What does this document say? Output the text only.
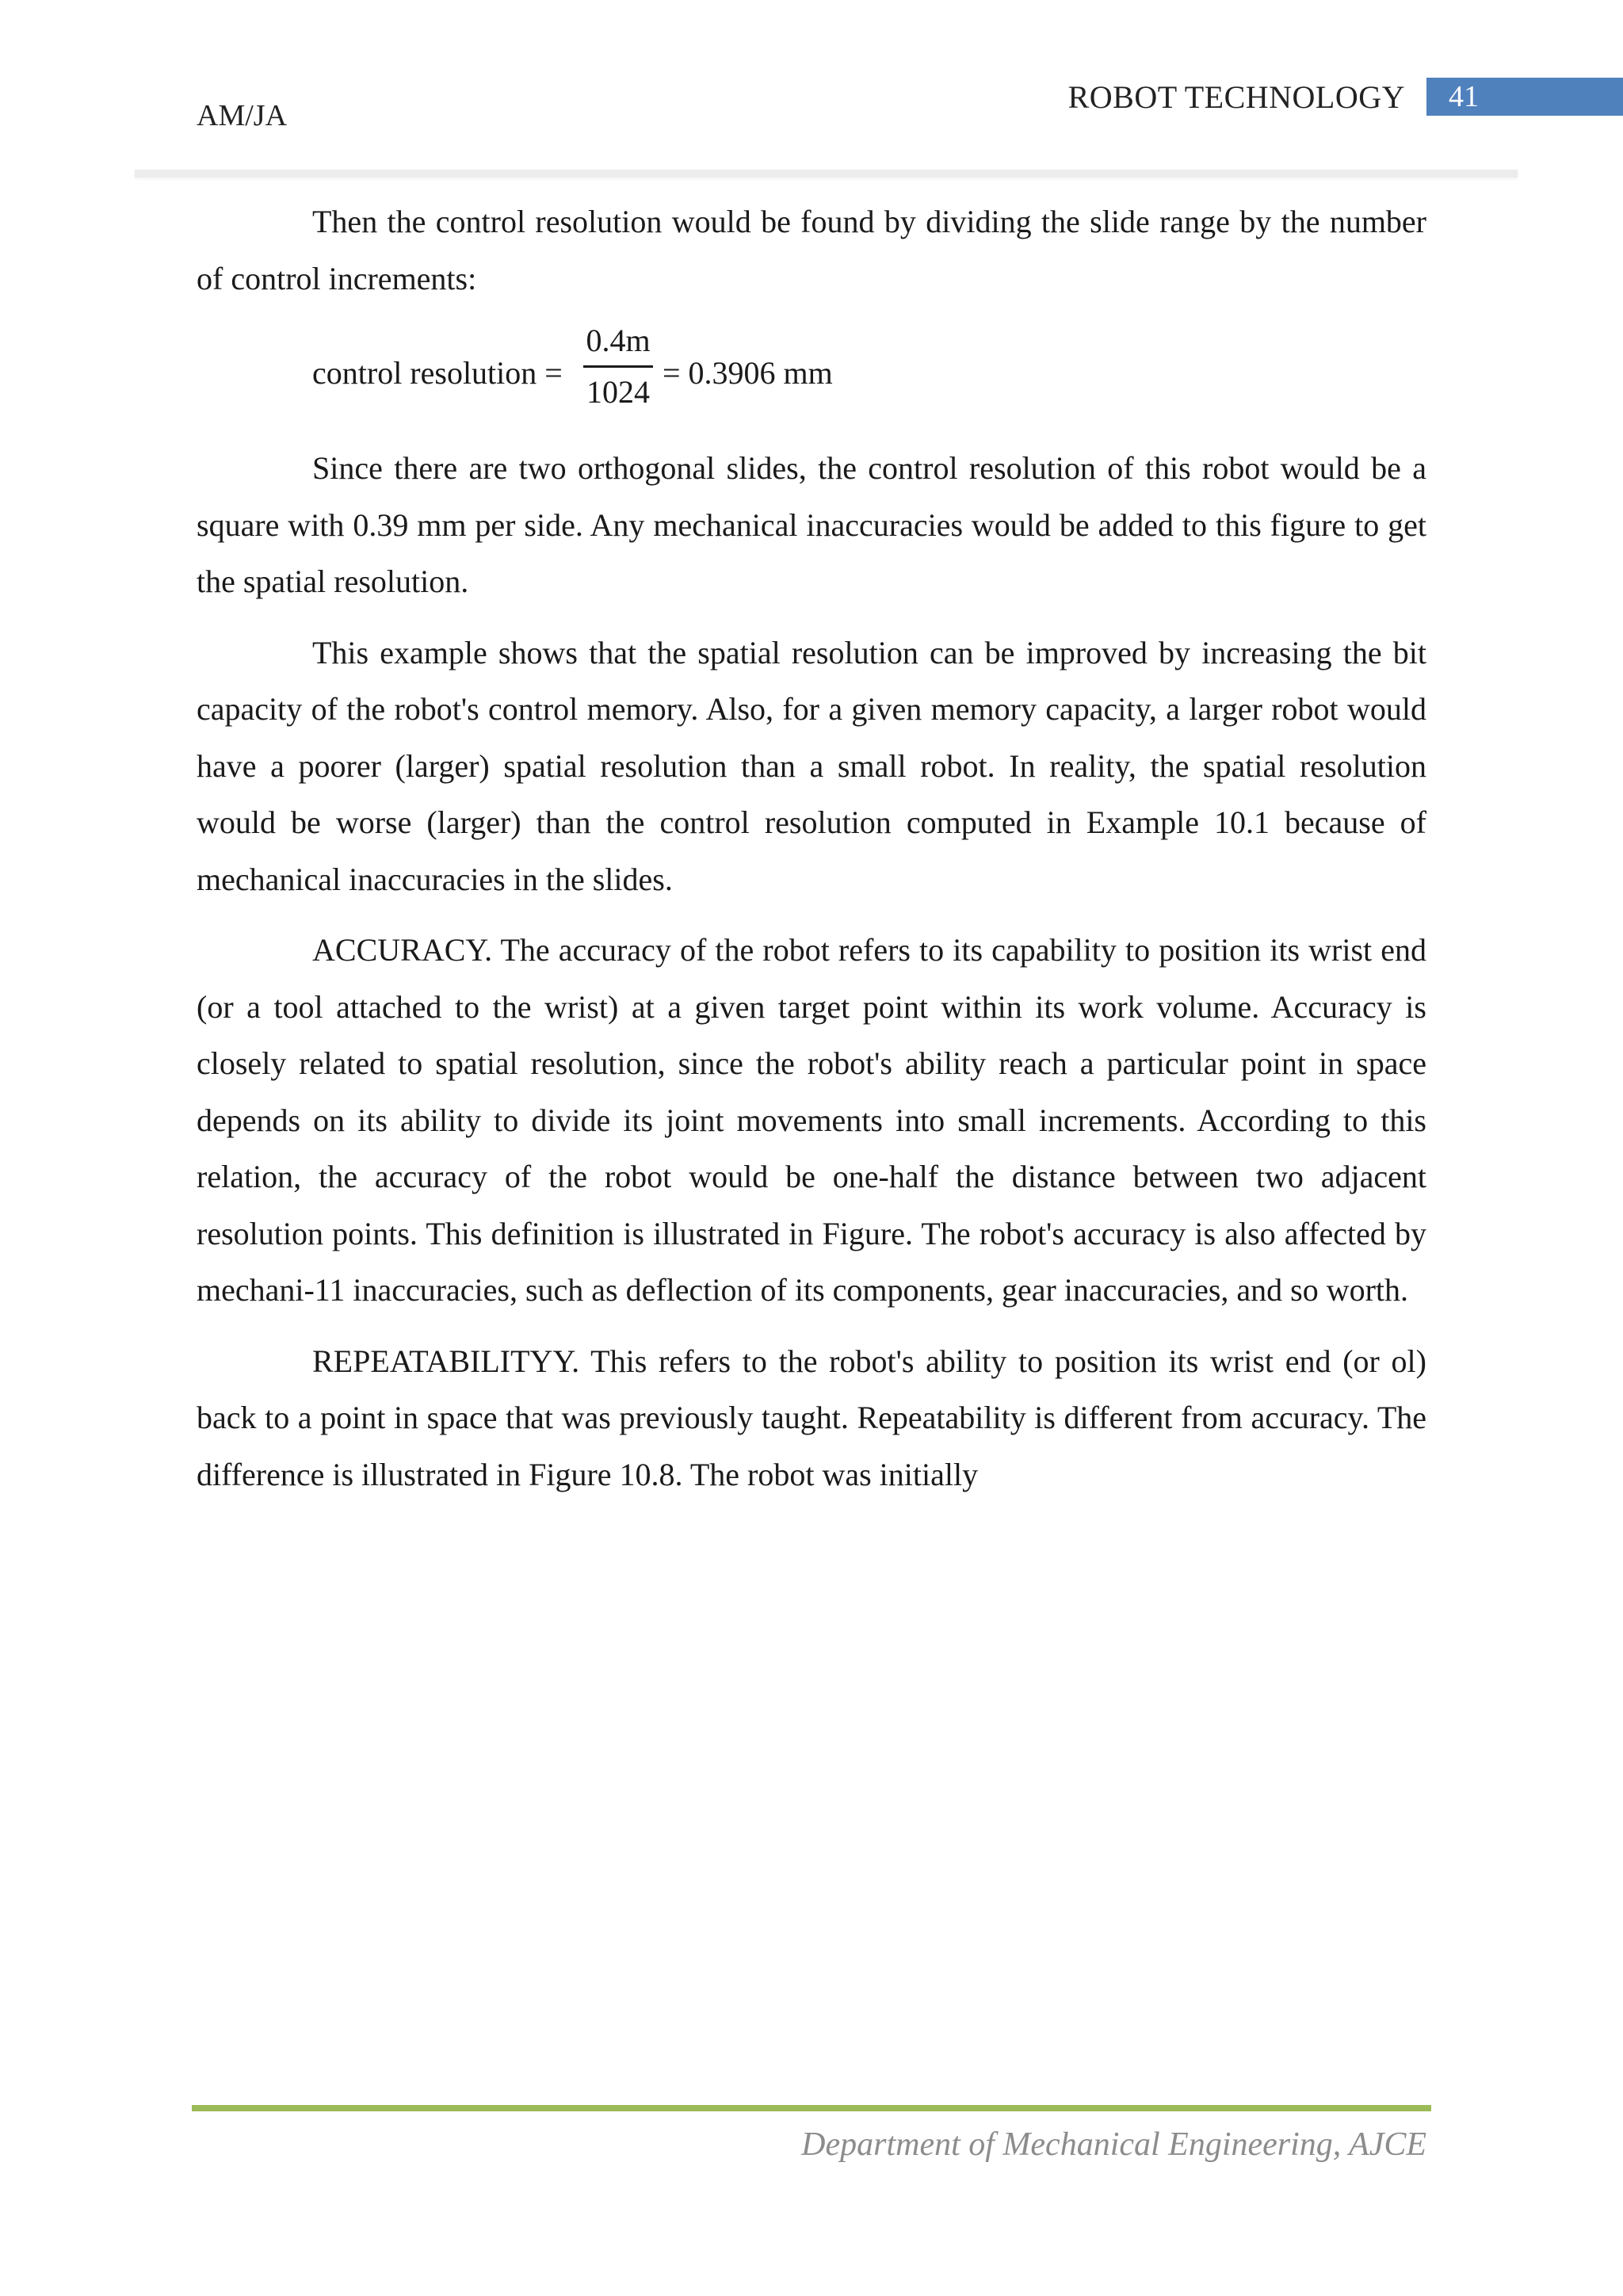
AM/JA
ROBOT TECHNOLOGY 41

Then the control resolution would be found by dividing the slide range by the number of control increments:

control resolution =
0.4m
1024
= 0.3906 mm

Since there are two orthogonal slides, the control resolution of this robot would be a square with 0.39 mm per side. Any mechanical inaccuracies would be added to this figure to get the spatial resolution.

This example shows that the spatial resolution can be improved by increasing the bit capacity of the robot's control memory. Also, for a given memory capacity, a larger robot would have a poorer (larger) spatial resolution than a small robot. In reality, the spatial resolution would be worse (larger) than the control resolution computed in Example 10.1 because of mechanical inaccuracies in the slides.

ACCURACY. The accuracy of the robot refers to its capability to position its wrist end (or a tool attached to the wrist) at a given target point within its work volume. Accuracy is closely related to spatial resolution, since the robot's ability reach a particular point in space depends on its ability to divide its joint movements into small increments. According to this relation, the accuracy of the robot would be one-half the distance between two adjacent resolution points. This definition is illustrated in Figure. The robot's accuracy is also affected by mechani-11 inaccuracies, such as deflection of its components, gear inaccuracies, and so worth.

REPEATABILITYY. This refers to the robot's ability to position its wrist end (or ol) back to a point in space that was previously taught. Repeatability is different from accuracy. The difference is illustrated in Figure 10.8. The robot was initially

Department of Mechanical Engineering, AJCE
